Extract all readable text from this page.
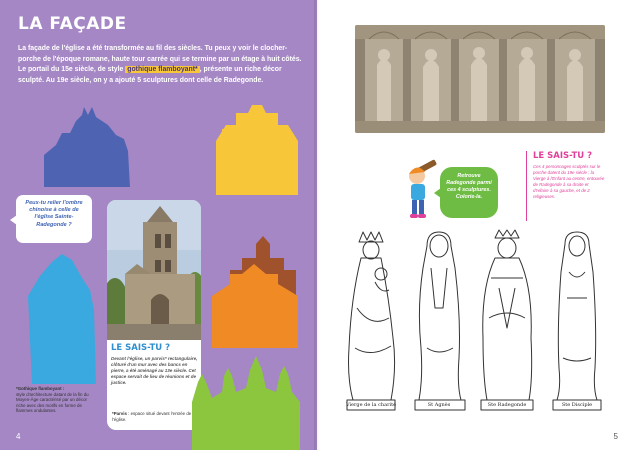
LA FAÇADE

La façade de l'église a été transformée au fil des siècles. Tu peux y voir le clocher-porche de l'époque romane, haute tour carrée qui se termine par un étage à huit côtés. Le portail du 15e siècle, de style gothique flamboyant* , présente un riche décor sculpté. Au 19e siècle, on y a ajouté 5 sculptures dont celle de Radegonde.

Peux-tu relier l'ombre chinoise à celle de l'église Sainte-Radegonde ?
LE SAIS-TU ?
Devant l'église, un parvis* rectangulaire, clôturé d'un mur avec des bancs en pierre, a été aménagé au 13e siècle. Cet espace servait de lieu de réunions et de justice.
*Gothique flamboyant :
style d'architecture datant de la fin du Moyen-Âge caractérisé par un décor riche avec des motifs en forme de flammes ondulantes.
*Parvis : espace situé devant l'entrée de l'église.
4
Retrouve Radegonde parmi ces 4 sculptures. Colorie-la.
LE SAIS-TU ?
Ces 4 personnages sculptés sur le porche datent du 19e siècle : la Vierge à l'Enfant au centre, entourée de Radegonde à sa droite et d'Hilaire à sa gauche, et de 2 religieuses.
Vierge de la charité	St Agnès	Ste Radegonde	Ste Disciple
5
